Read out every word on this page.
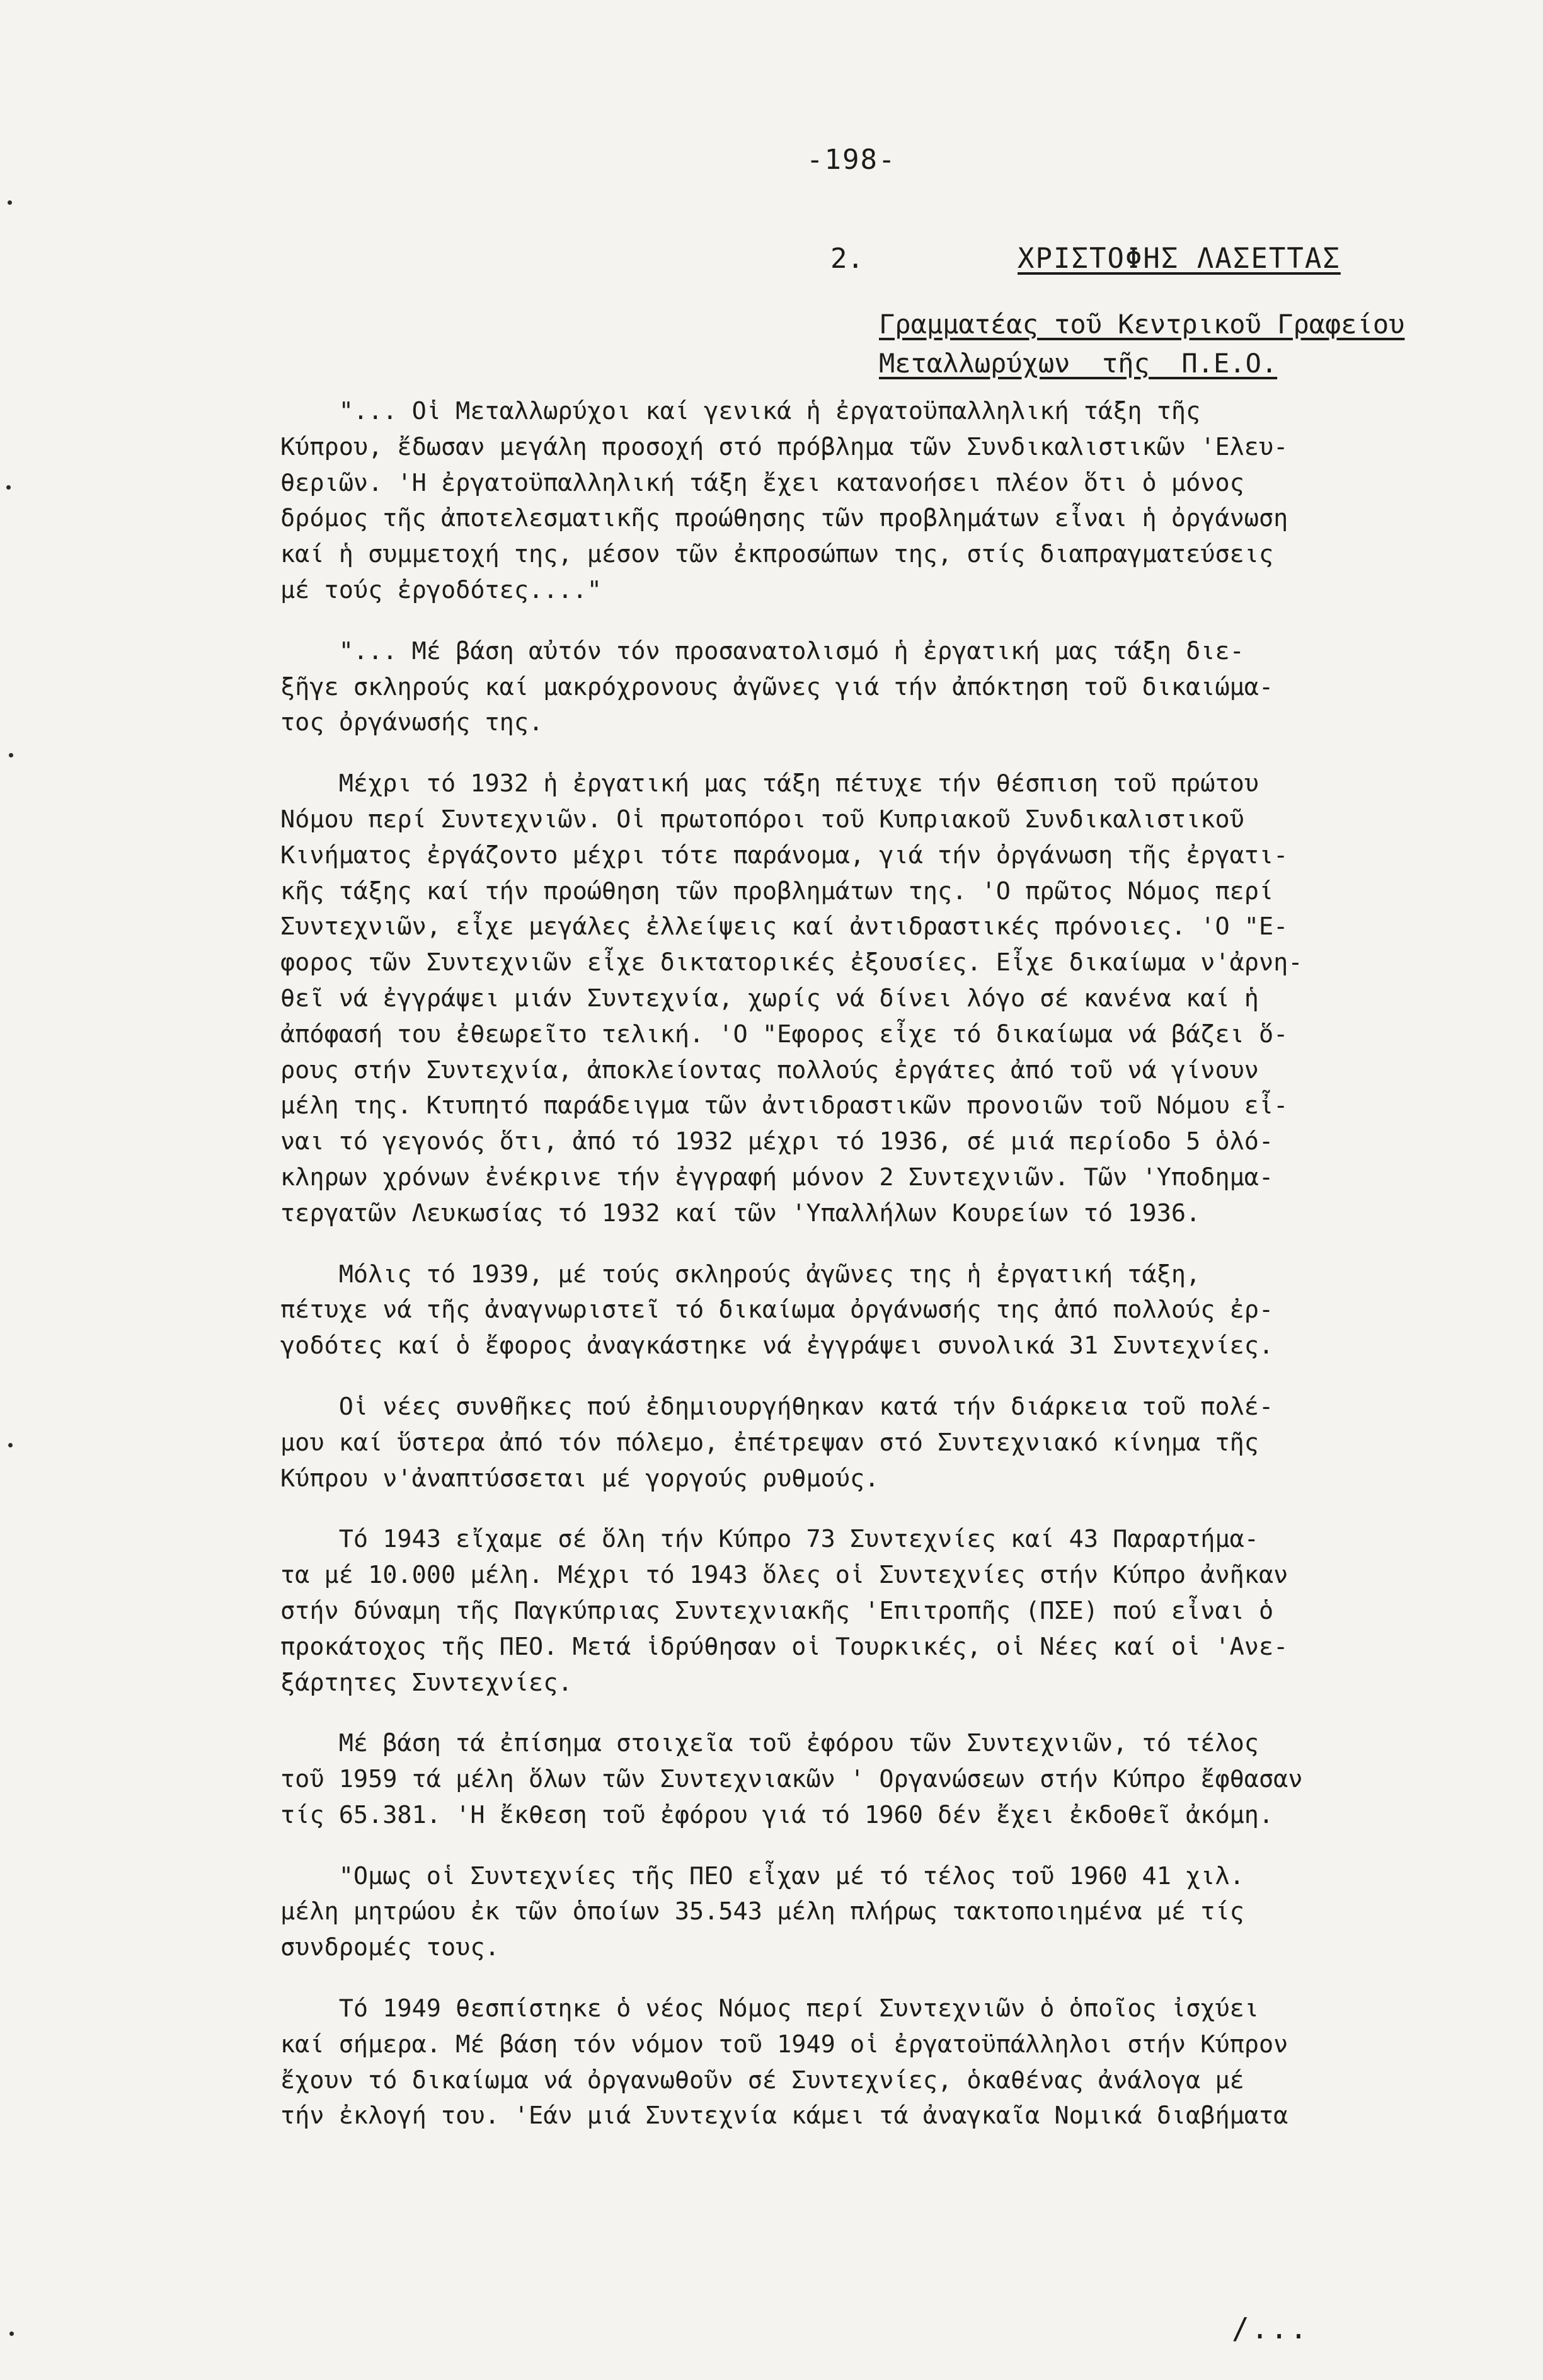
-198-
2.	ΧΡΙΣΤΟΦΗΣ ΛΑΣΕΤΤΑΣ
Γραμματέας τοῦ Κεντρικοῦ Γραφείου
Μεταλλωρύχων  τῆς  Π.Ε.Ο.
"... Οἱ Μεταλλωρύχοι καί γενικά ἡ ἐργατοϋπαλληλική τάξη τῆς
Κύπρου, ἔδωσαν μεγάλη προσοχή στό πρόβλημα τῶν Συνδικαλιστικῶν 'Ελευ-
θεριῶν. 'Η ἐργατοϋπαλληλική τάξη ἔχει κατανοήσει πλέον ὅτι ὁ μόνος
δρόμος τῆς ἀποτελεσματικῆς προώθησης τῶν προβλημάτων εἶναι ἡ ὀργάνωση
καί ἡ συμμετοχή της, μέσον τῶν ἐκπροσώπων της, στίς διαπραγματεύσεις
μέ τούς ἐργοδότες...."
"... Μέ βάση αὐτόν τόν προσανατολισμό ἡ ἐργατική μας τάξη διε-
ξῆγε σκληρούς καί μακρόχρονους ἀγῶνες γιά τήν ἀπόκτηση τοῦ δικαιώμα-
τος ὀργάνωσής της.
Μέχρι τό 1932 ἡ ἐργατική μας τάξη πέτυχε τήν θέσπιση τοῦ πρώτου
Νόμου περί Συντεχνιῶν. Οἱ πρωτοπόροι τοῦ Κυπριακοῦ Συνδικαλιστικοῦ
Κινήματος ἐργάζοντο μέχρι τότε παράνομα, γιά τήν ὀργάνωση τῆς ἐργατι-
κῆς τάξης καί τήν προώθηση τῶν προβλημάτων της. 'Ο πρῶτος Νόμος περί
Συντεχνιῶν, εἶχε μεγάλες ἐλλείψεις καί ἀντιδραστικές πρόνοιες. 'Ο "Ε-
φορος τῶν Συντεχνιῶν εἶχε δικτατορικές ἐξουσίες. Εἶχε δικαίωμα ν'ἀρνη-
θεῖ νά ἐγγράψει μιάν Συντεχνία, χωρίς νά δίνει λόγο σέ κανένα καί ἡ
ἀπόφασή του ἐθεωρεῖτο τελική. 'Ο "Εφορος εἶχε τό δικαίωμα νά βάζει ὅ-
ρους στήν Συντεχνία, ἀποκλείοντας πολλούς ἐργάτες ἀπό τοῦ νά γίνουν
μέλη της. Κτυπητό παράδειγμα τῶν ἀντιδραστικῶν προνοιῶν τοῦ Νόμου εἶ-
ναι τό γεγονός ὅτι, ἀπό τό 1932 μέχρι τό 1936, σέ μιά περίοδο 5 ὁλό-
κληρων χρόνων ἐνέκρινε τήν ἐγγραφή μόνον 2 Συντεχνιῶν. Τῶν 'Υποδημα-
τεργατῶν Λευκωσίας τό 1932 καί τῶν 'Υπαλλήλων Κουρείων τό 1936.
Μόλις τό 1939, μέ τούς σκληρούς ἀγῶνες της ἡ ἐργατική τάξη,
πέτυχε νά τῆς ἀναγνωριστεῖ τό δικαίωμα ὀργάνωσής της ἀπό πολλούς ἐρ-
γοδότες καί ὁ ἔφορος ἀναγκάστηκε νά ἐγγράψει συνολικά 31 Συντεχνίες.
Οἱ νέες συνθῆκες πού ἐδημιουργήθηκαν κατά τήν διάρκεια τοῦ πολέ-
μου καί ὕστερα ἀπό τόν πόλεμο, ἐπέτρεψαν στό Συντεχνιακό κίνημα τῆς
Κύπρου ν'ἀναπτύσσεται μέ γοργούς ρυθμούς.
Τό 1943 εἴχαμε σέ ὅλη τήν Κύπρο 73 Συντεχνίες καί 43 Παραρτήμα-
τα μέ 10.000 μέλη. Μέχρι τό 1943 ὅλες οἱ Συντεχνίες στήν Κύπρο ἀνῆκαν
στήν δύναμη τῆς Παγκύπριας Συντεχνιακῆς 'Επιτροπῆς (ΠΣΕ) πού εἶναι ὁ
προκάτοχος τῆς ΠΕΟ. Μετά ἱδρύθησαν οἱ Τουρκικές, οἱ Νέες καί οἱ 'Ανε-
ξάρτητες Συντεχνίες.
Μέ βάση τά ἐπίσημα στοιχεῖα τοῦ ἐφόρου τῶν Συντεχνιῶν, τό τέλος
τοῦ 1959 τά μέλη ὅλων τῶν Συντεχνιακῶν ' Οργανώσεων στήν Κύπρο ἔφθασαν
τίς 65.381. 'Η ἔκθεση τοῦ ἐφόρου γιά τό 1960 δέν ἔχει ἐκδοθεῖ ἀκόμη.
"Ομως οἱ Συντεχνίες τῆς ΠΕΟ εἶχαν μέ τό τέλος τοῦ 1960 41 χιλ.
μέλη μητρώου ἐκ τῶν ὁποίων 35.543 μέλη πλήρως τακτοποιημένα μέ τίς
συνδρομές τους.
Τό 1949 θεσπίστηκε ὁ νέος Νόμος περί Συντεχνιῶν ὁ ὁποῖος ἰσχύει
καί σήμερα. Μέ βάση τόν νόμον τοῦ 1949 οἱ ἐργατοϋπάλληλοι στήν Κύπρον
ἔχουν τό δικαίωμα νά ὀργανωθοῦν σέ Συντεχνίες, ὁκαθένας ἀνάλογα μέ
τήν ἐκλογή του. 'Εάν μιά Συντεχνία κάμει τά ἀναγκαῖα Νομικά διαβήματα
/...
